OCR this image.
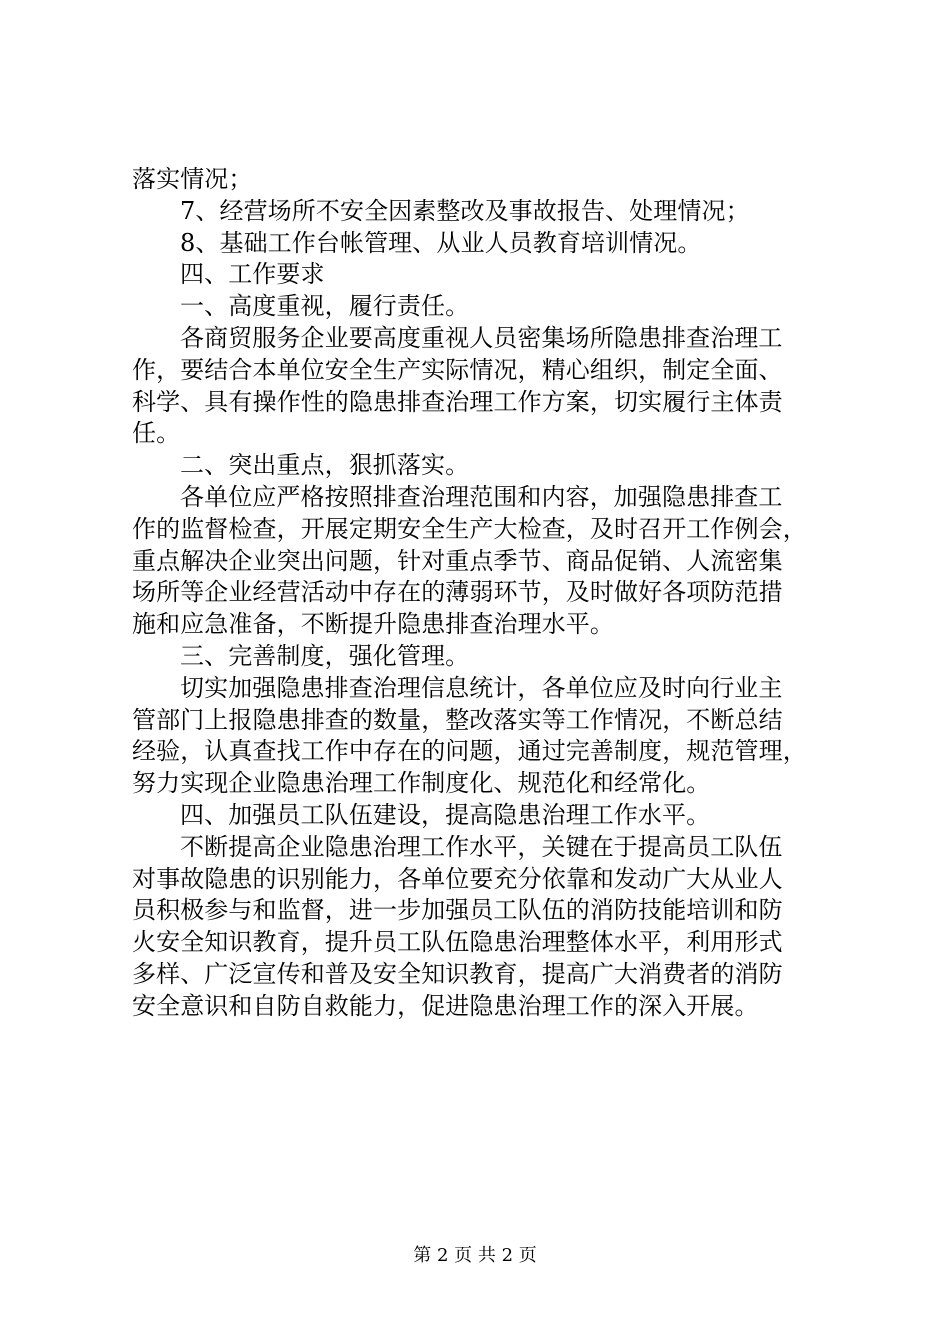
落实情况；
7、经营场所不安全因素整改及事故报告、处理情况；
8、基础工作台帐管理、从业人员教育培训情况。
四、工作要求
一、高度重视，履行责任。
各商贸服务企业要高度重视人员密集场所隐患排查治理工
作，要结合本单位安全生产实际情况，精心组织，制定全面、
科学、具有操作性的隐患排查治理工作方案，切实履行主体责
任。
二、突出重点，狠抓落实。
各单位应严格按照排查治理范围和内容，加强隐患排查工
作的监督检查，开展定期安全生产大检查，及时召开工作例会，
重点解决企业突出问题，针对重点季节、商品促销、人流密集
场所等企业经营活动中存在的薄弱环节，及时做好各项防范措
施和应急准备，不断提升隐患排查治理水平。
三、完善制度，强化管理。
切实加强隐患排查治理信息统计，各单位应及时向行业主
管部门上报隐患排查的数量，整改落实等工作情况，不断总结
经验，认真查找工作中存在的问题，通过完善制度，规范管理，
努力实现企业隐患治理工作制度化、规范化和经常化。
四、加强员工队伍建设，提高隐患治理工作水平。
不断提高企业隐患治理工作水平，关键在于提高员工队伍
对事故隐患的识别能力，各单位要充分依靠和发动广大从业人
员积极参与和监督，进一步加强员工队伍的消防技能培训和防
火安全知识教育，提升员工队伍隐患治理整体水平，利用形式
多样、广泛宣传和普及安全知识教育，提高广大消费者的消防
安全意识和自防自救能力，促进隐患治理工作的深入开展。
第 2 页 共 2 页
